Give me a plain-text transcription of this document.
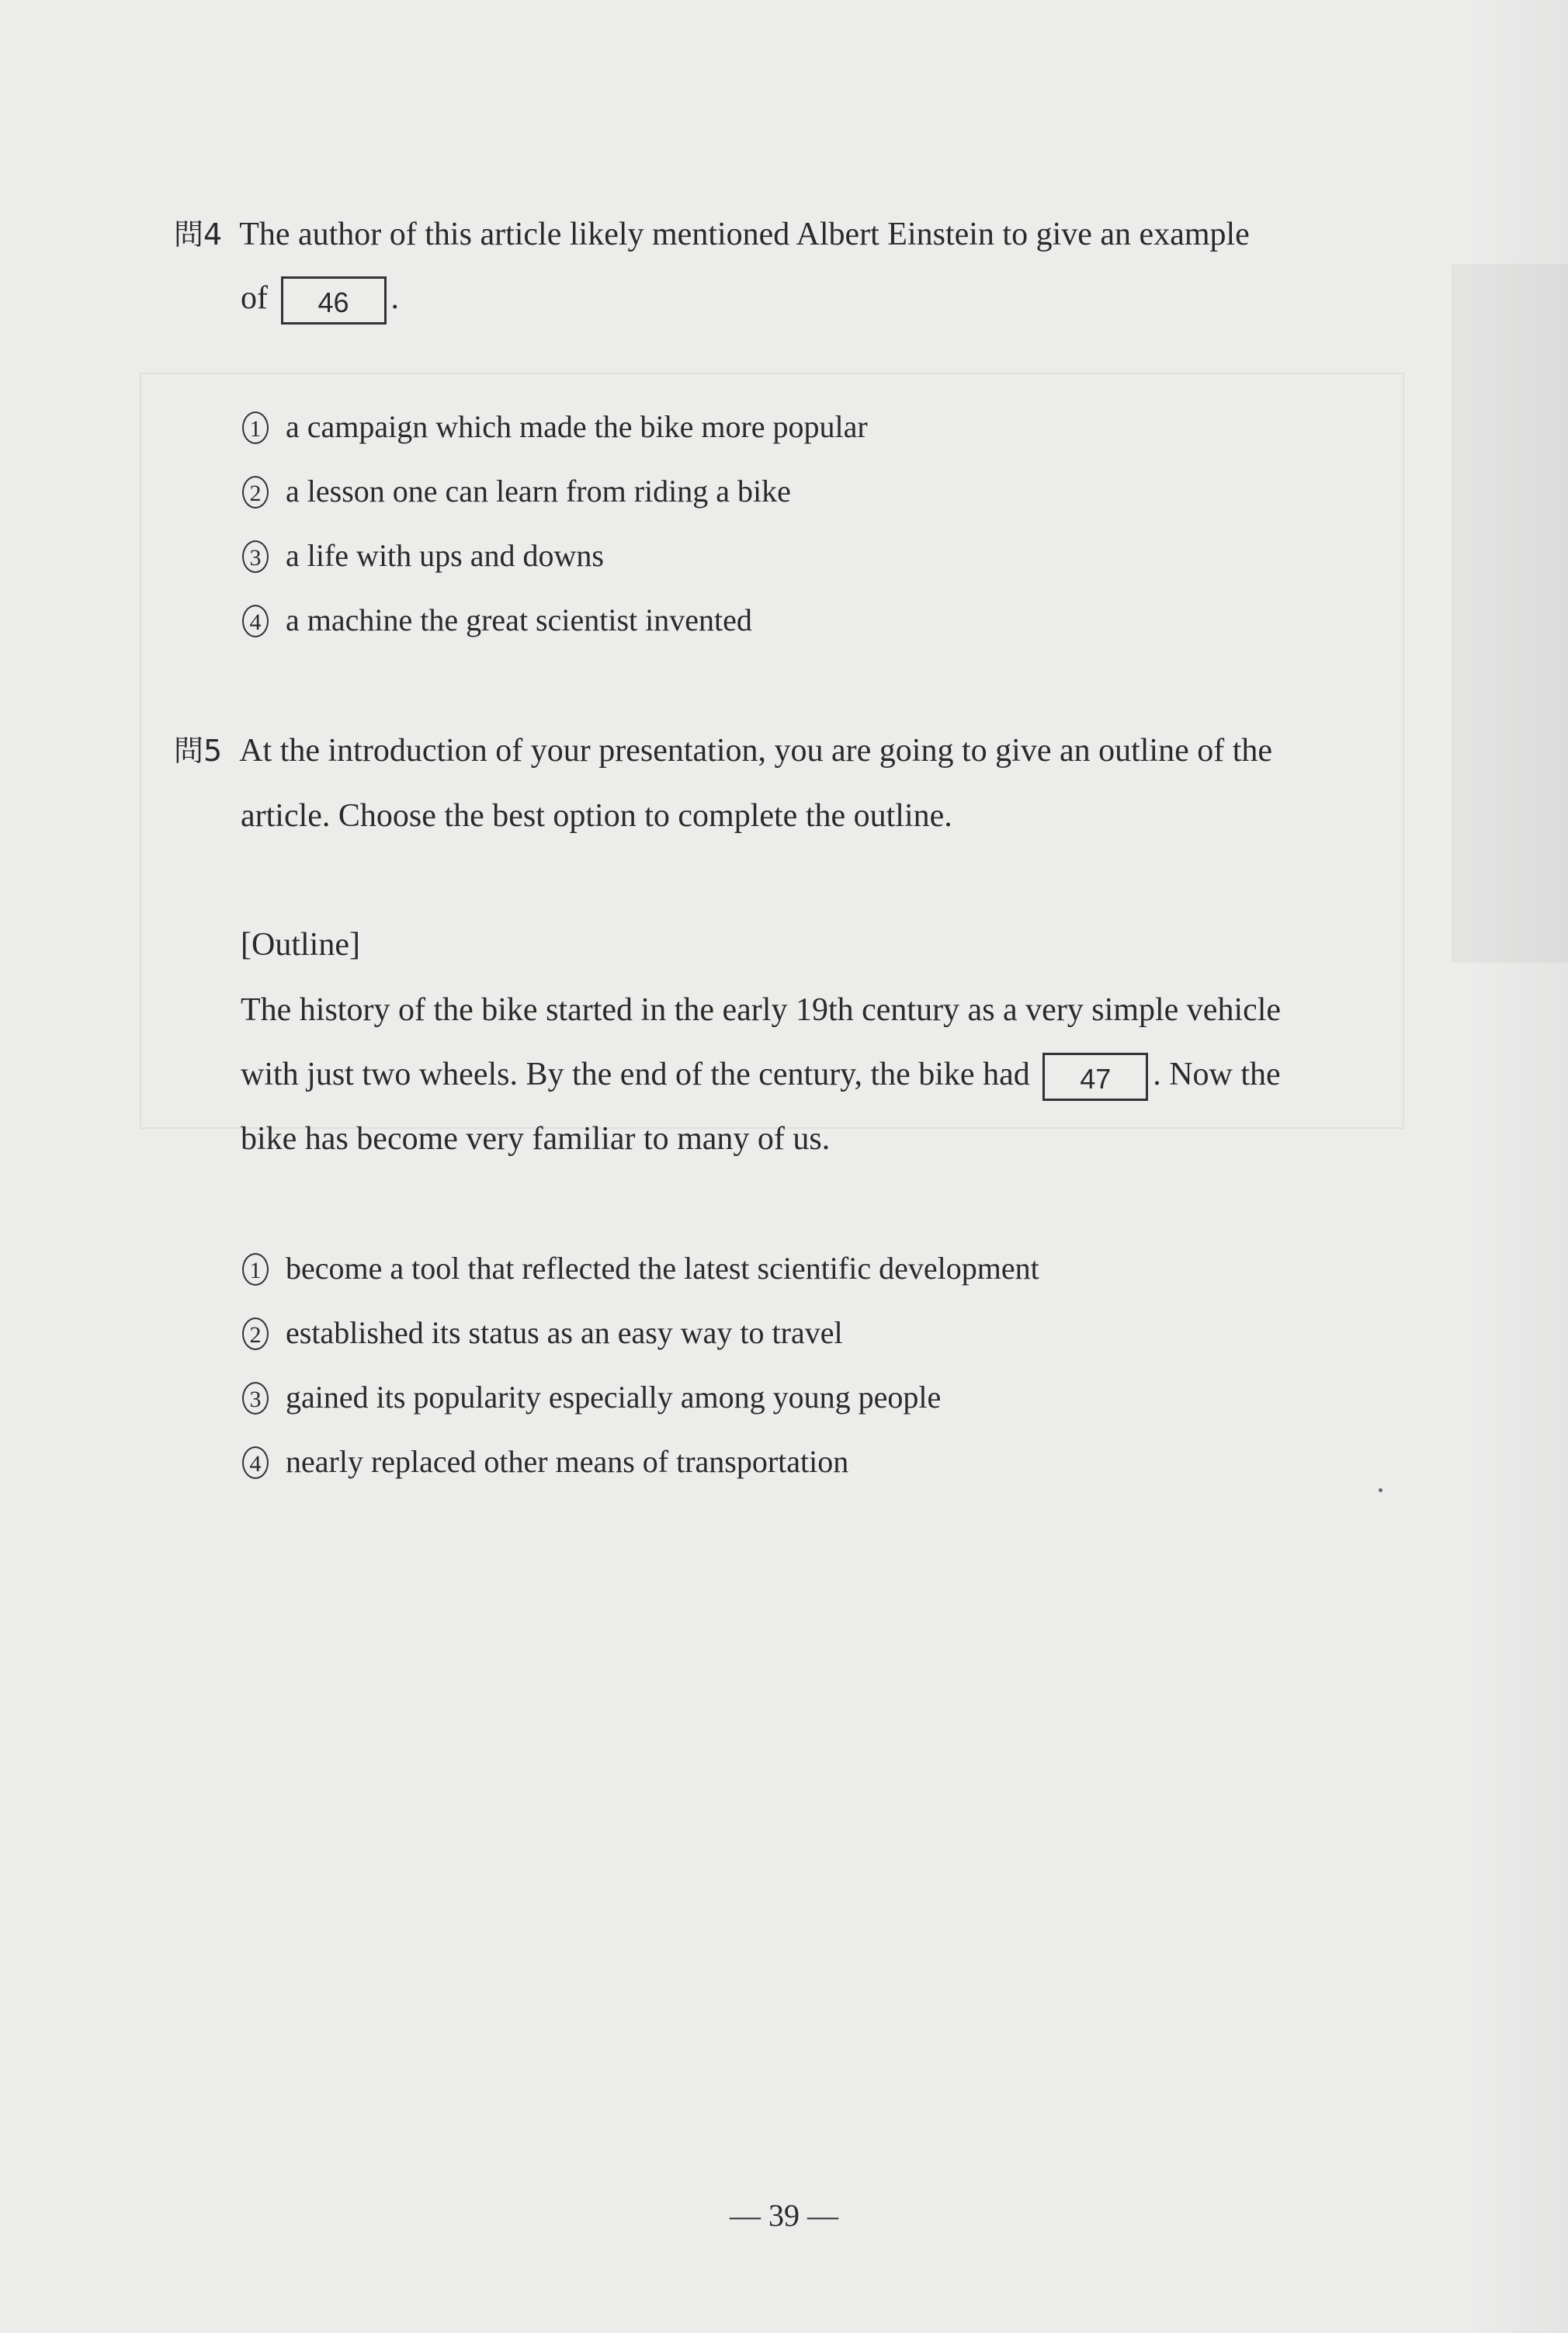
問4 The author of this article likely mentioned Albert Einstein to give an example
of 46 .
1 a campaign which made the bike more popular
2 a lesson one can learn from riding a bike
3 a life with ups and downs
4 a machine the great scientist invented
問5 At the introduction of your presentation, you are going to give an outline of the
article. Choose the best option to complete the outline.
[Outline]
The history of the bike started in the early 19th century as a very simple vehicle
with just two wheels. By the end of the century, the bike had 47 . Now the
bike has become very familiar to many of us.
1 become a tool that reflected the latest scientific development
2 established its status as an easy way to travel
3 gained its popularity especially among young people
4 nearly replaced other means of transportation
— 39 —
